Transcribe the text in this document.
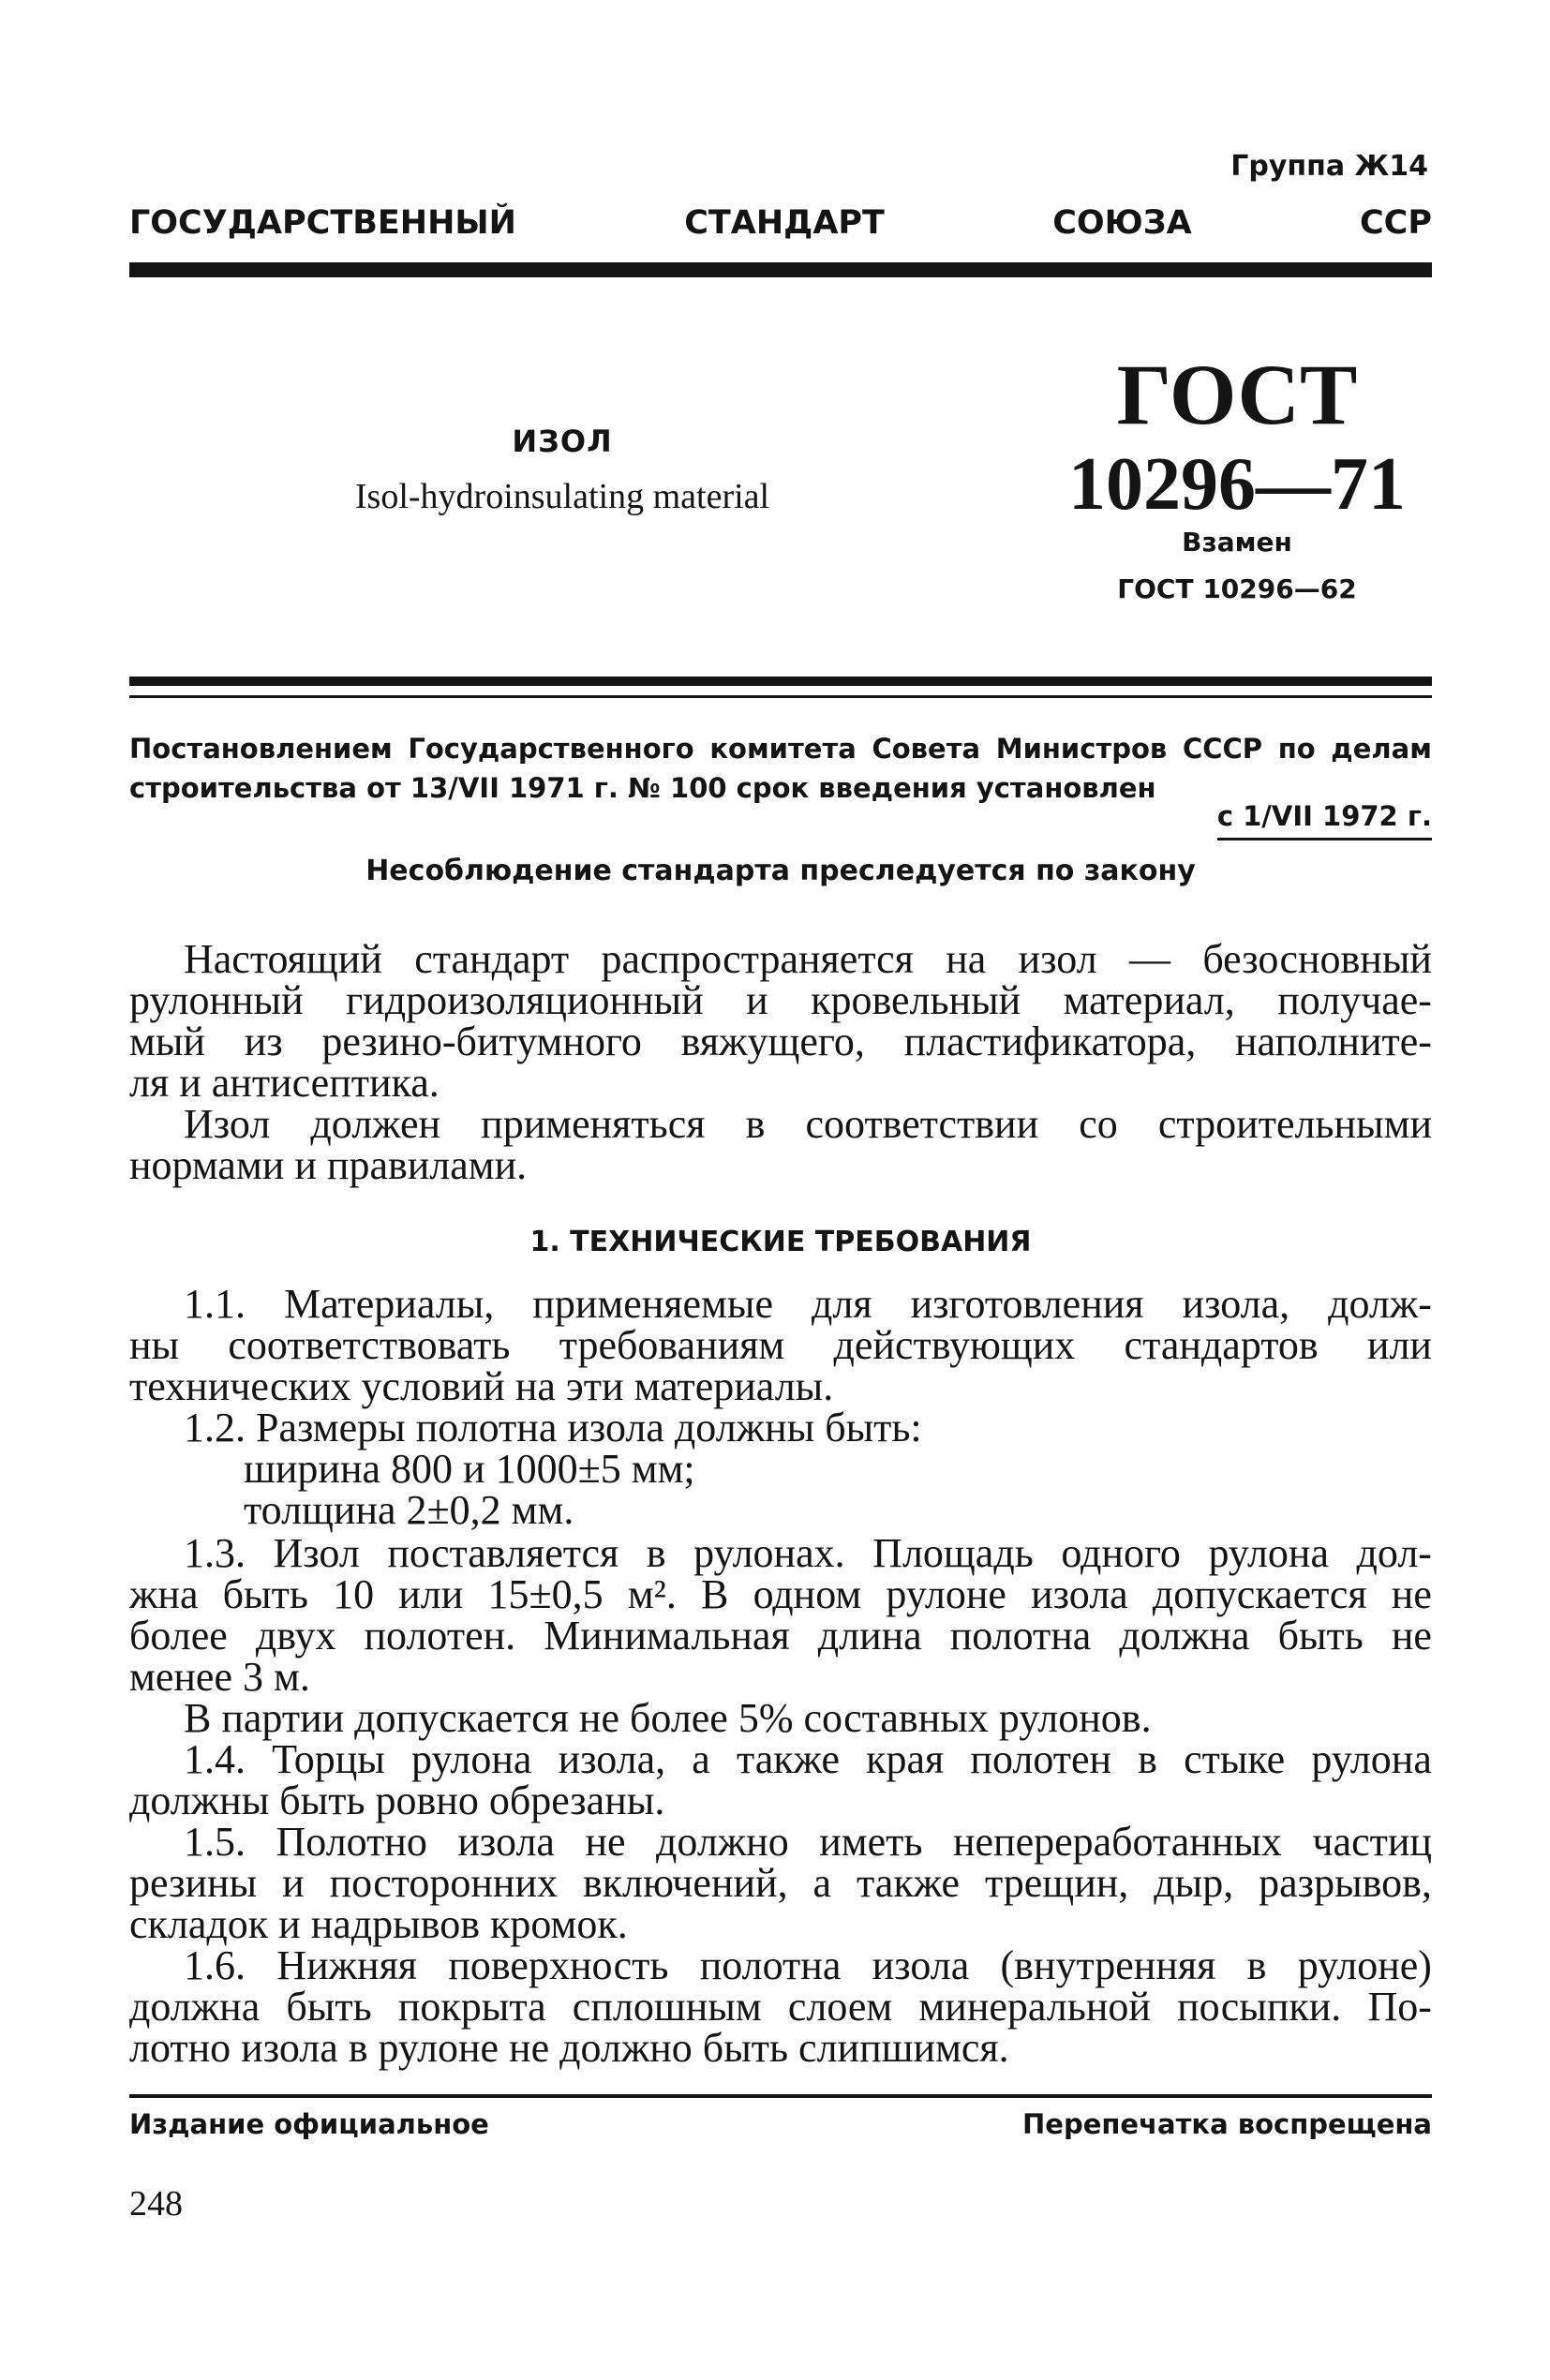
Группа Ж14
ГОСУДАРСТВЕННЫЙ	СТАНДАРТ	СОЮЗА	ССР
ИЗОЛ
Isol-hydroinsulating material
ГОСТ
10296—71
Взамен
ГОСТ 10296—62
Постановлением Государственного комитета Совета Министров СССР по делам
строительства от 13/VII 1971 г. № 100 срок введения установлен
с 1/VII 1972 г.
Несоблюдение стандарта преследуется по закону
Настоящий стандарт распространяется на изол — безосновный
рулонный гидроизоляционный и кровельный материал, получае-
мый из резино-битумного вяжущего, пластификатора, наполните-
ля и антисептика.
Изол должен применяться в соответствии со строительными
нормами и правилами.
1. ТЕХНИЧЕСКИЕ ТРЕБОВАНИЯ
1.1. Материалы, применяемые для изготовления изола, долж-
ны соответствовать требованиям действующих стандартов или
технических условий на эти материалы.
1.2. Размеры полотна изола должны быть:
ширина 800 и 1000±5 мм;
толщина 2±0,2 мм.
1.3. Изол поставляется в рулонах. Площадь одного рулона дол-
жна быть 10 или 15±0,5 м². В одном рулоне изола допускается не
более двух полотен. Минимальная длина полотна должна быть не
менее 3 м.
В партии допускается не более 5% составных рулонов.
1.4. Торцы рулона изола, а также края полотен в стыке рулона
должны быть ровно обрезаны.
1.5. Полотно изола не должно иметь непереработанных частиц
резины и посторонних включений, а также трещин, дыр, разрывов,
складок и надрывов кромок.
1.6. Нижняя поверхность полотна изола (внутренняя в рулоне)
должна быть покрыта сплошным слоем минеральной посыпки. По-
лотно изола в рулоне не должно быть слипшимся.
Издание официальное	Перепечатка воспрещена
248
